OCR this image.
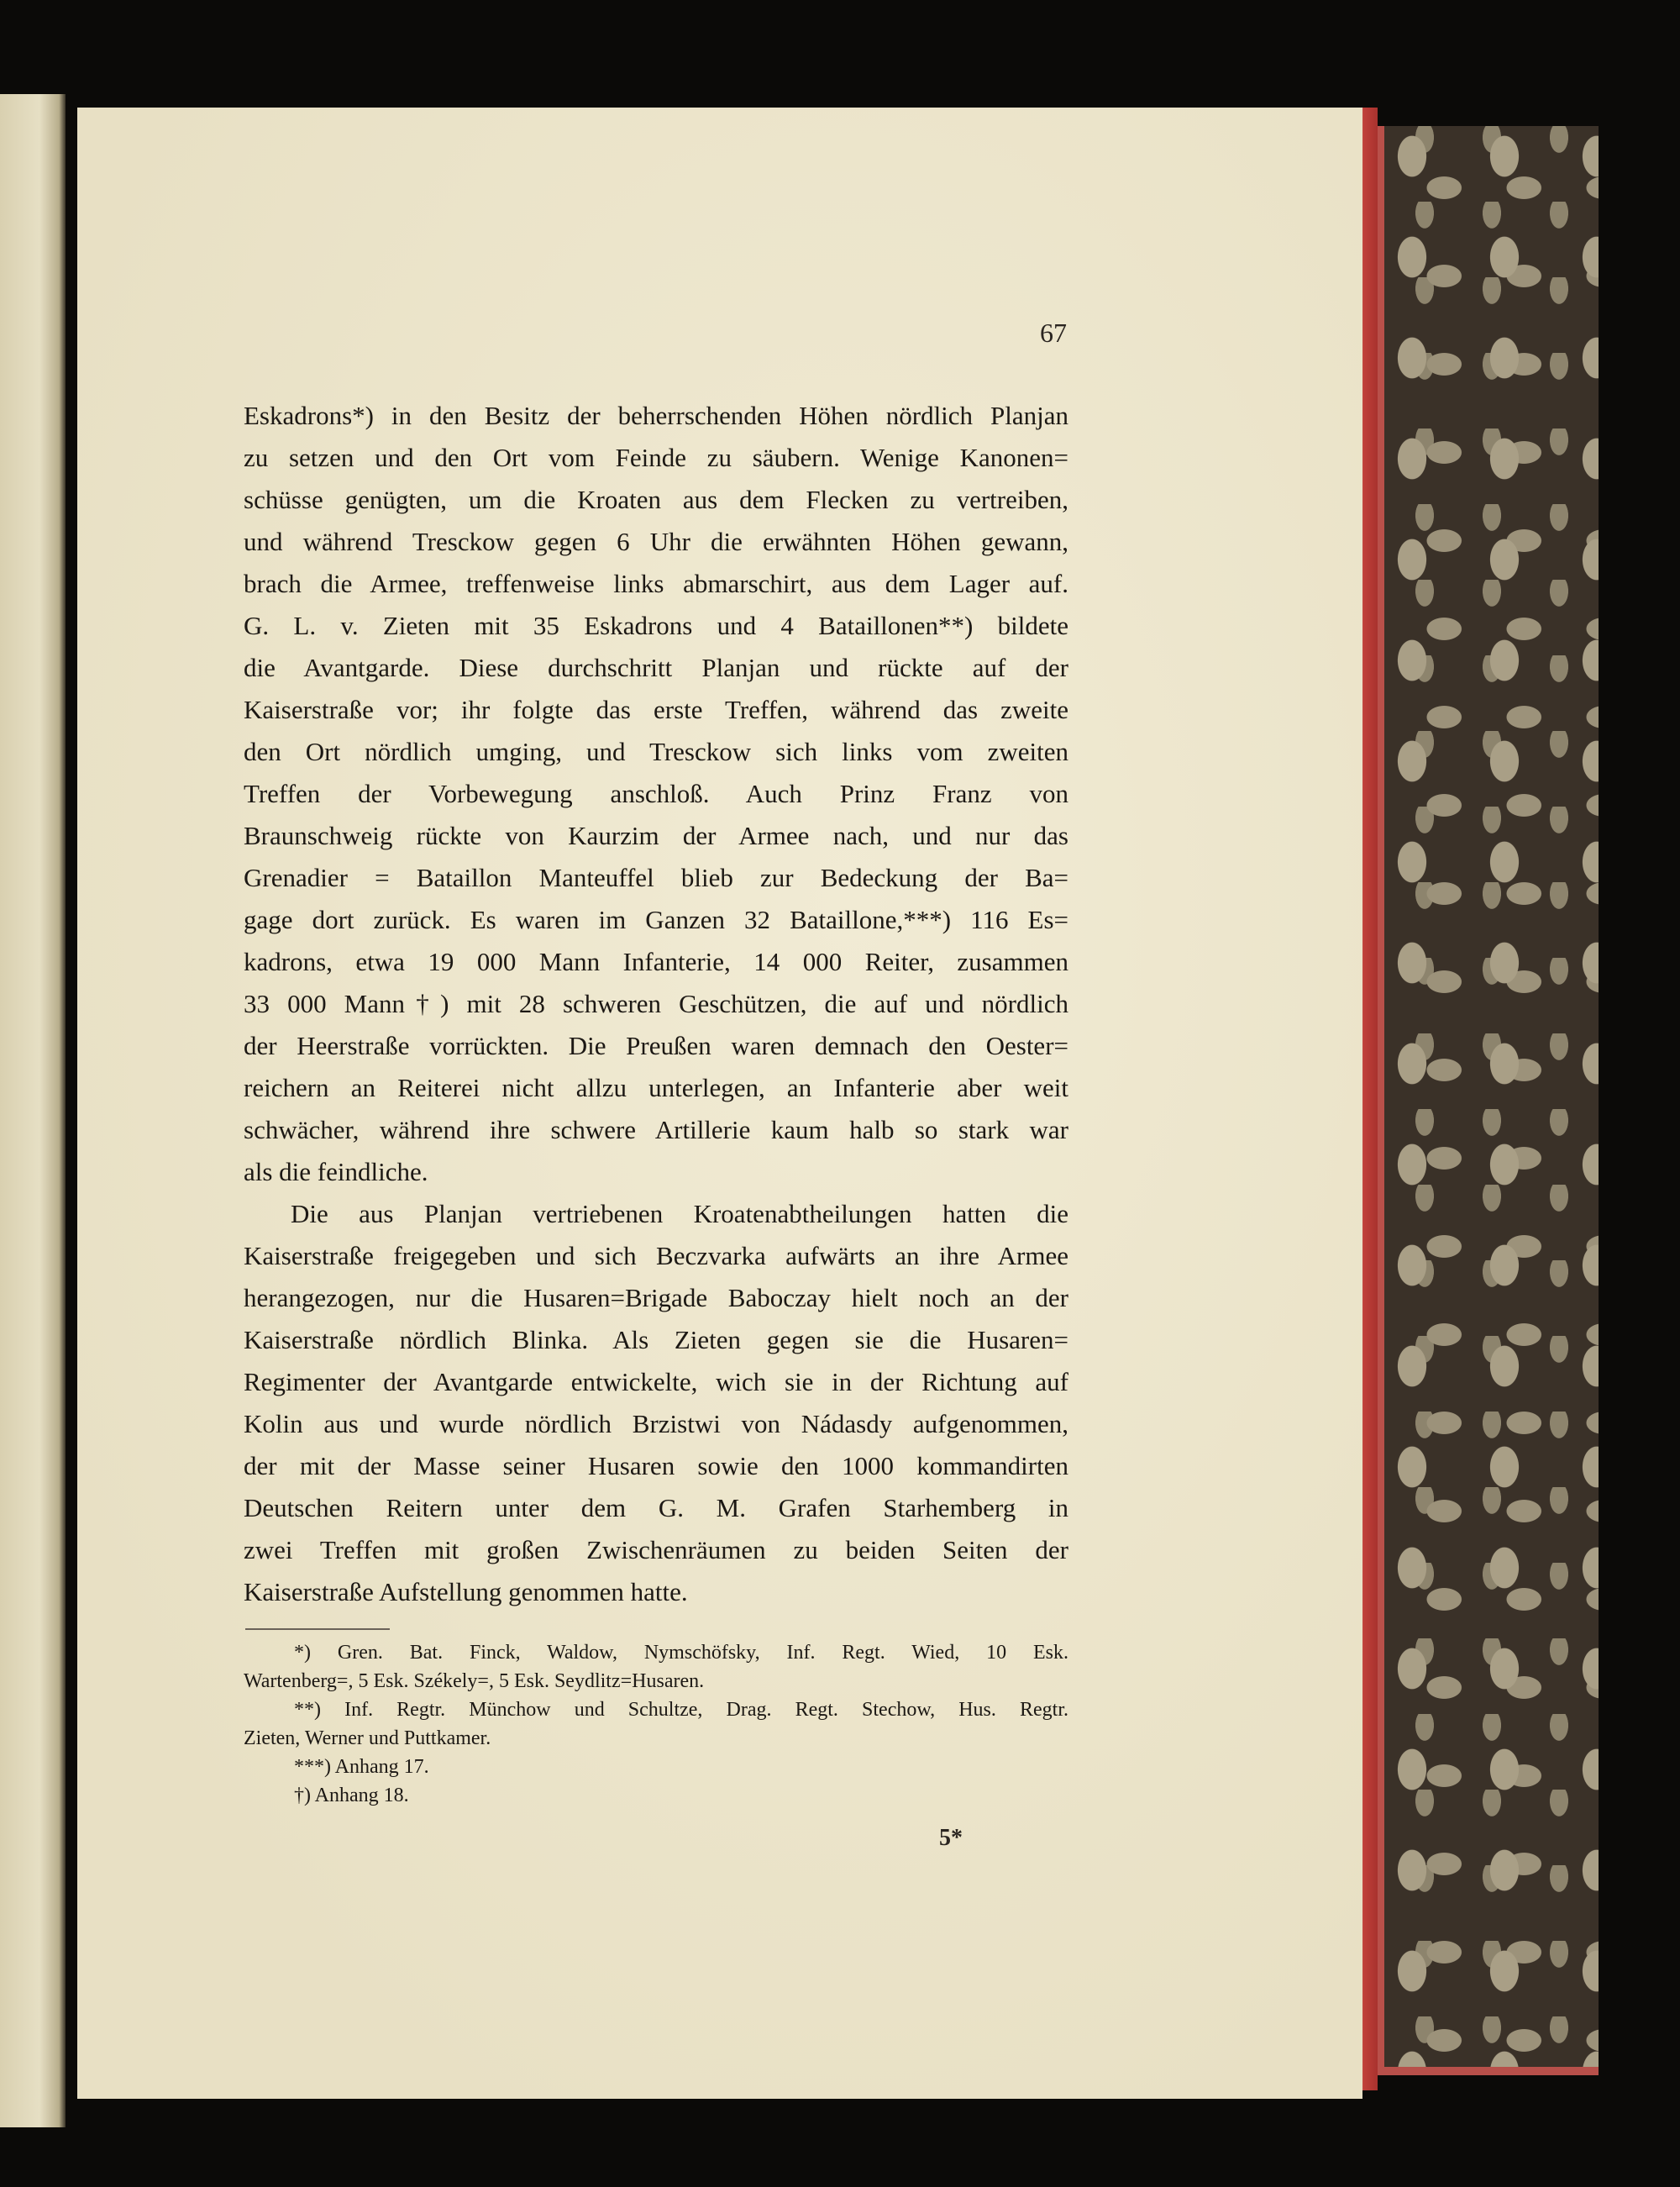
67
Eskadrons*) in den Besitz der beherrschenden Höhen nördlich Planjan
zu setzen und den Ort vom Feinde zu säubern. Wenige Kanonen=
schüsse genügten, um die Kroaten aus dem Flecken zu vertreiben,
und während Tresckow gegen 6 Uhr die erwähnten Höhen gewann,
brach die Armee, treffenweise links abmarschirt, aus dem Lager auf.
G. L. v. Zieten mit 35 Eskadrons und 4 Bataillonen**) bildete
die Avantgarde. Diese durchschritt Planjan und rückte auf der
Kaiserstraße vor; ihr folgte das erste Treffen, während das zweite
den Ort nördlich umging, und Tresckow sich links vom zweiten
Treffen der Vorbewegung anschloß. Auch Prinz Franz von
Braunschweig rückte von Kaurzim der Armee nach, und nur das
Grenadier = Bataillon Manteuffel blieb zur Bedeckung der Ba=
gage dort zurück. Es waren im Ganzen 32 Bataillone,***) 116 Es=
kadrons, etwa 19 000 Mann Infanterie, 14 000 Reiter, zusammen
33 000 Mann†) mit 28 schweren Geschützen, die auf und nördlich
der Heerstraße vorrückten. Die Preußen waren demnach den Oester=
reichern an Reiterei nicht allzu unterlegen, an Infanterie aber weit
schwächer, während ihre schwere Artillerie kaum halb so stark war
als die feindliche.
Die aus Planjan vertriebenen Kroatenabtheilungen hatten die
Kaiserstraße freigegeben und sich Beczvarka aufwärts an ihre Armee
herangezogen, nur die Husaren=Brigade Baboczay hielt noch an der
Kaiserstraße nördlich Blinka. Als Zieten gegen sie die Husaren=
Regimenter der Avantgarde entwickelte, wich sie in der Richtung auf
Kolin aus und wurde nördlich Brzistwi von Nádasdy aufgenommen,
der mit der Masse seiner Husaren sowie den 1000 kommandirten
Deutschen Reitern unter dem G. M. Grafen Starhemberg in
zwei Treffen mit großen Zwischenräumen zu beiden Seiten der
Kaiserstraße Aufstellung genommen hatte.
*) Gren. Bat. Finck, Waldow, Nymschöfsky, Inf. Regt. Wied, 10 Esk.
Wartenberg=, 5 Esk. Székely=, 5 Esk. Seydlitz=Husaren.
**) Inf. Regtr. Münchow und Schultze, Drag. Regt. Stechow, Hus. Regtr.
Zieten, Werner und Puttkamer.
***) Anhang 17.
†) Anhang 18.
5*
